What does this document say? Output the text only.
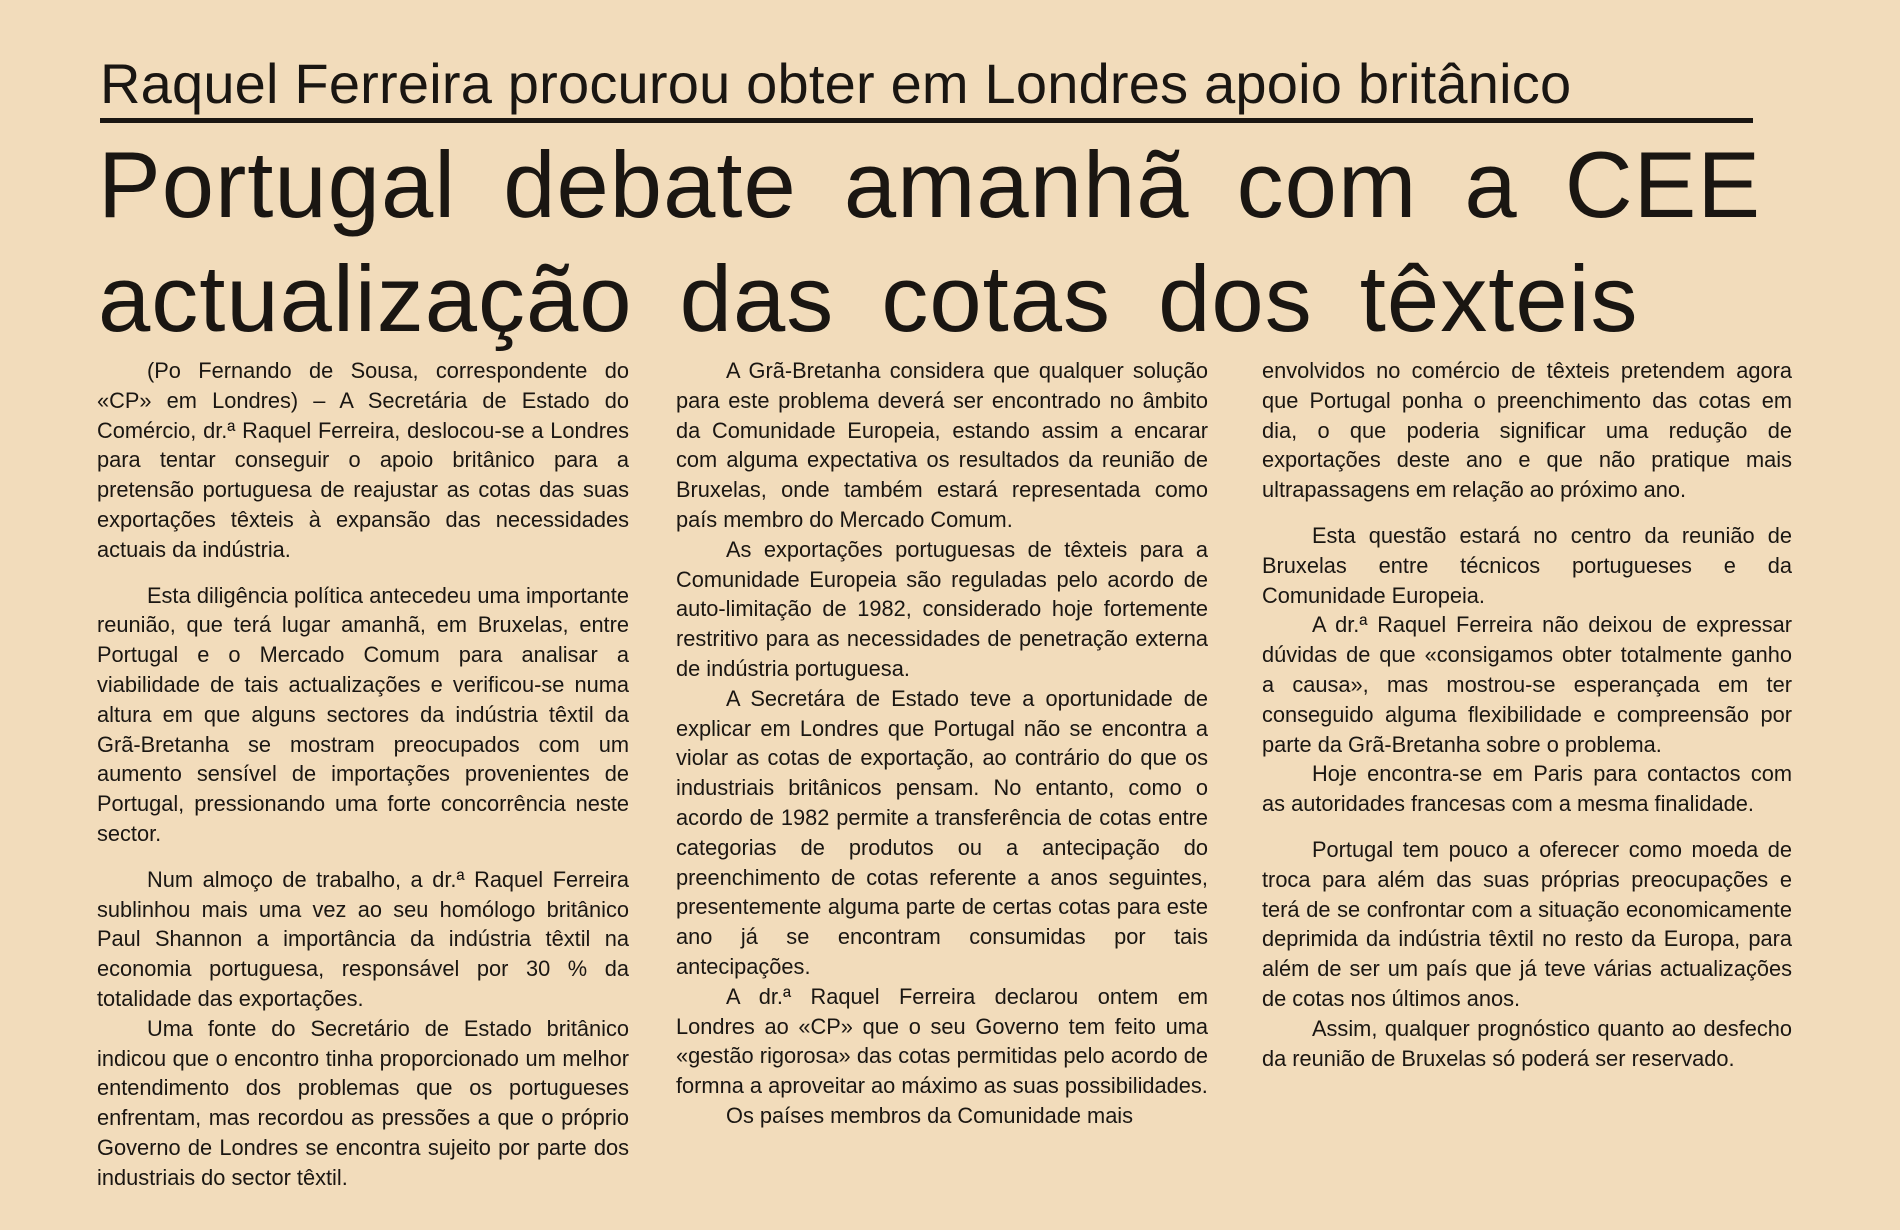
Raquel Ferreira procurou obter em Londres apoio britânico
Portugal debate amanhã com a CEE
actualização das cotas dos têxteis

(Po Fernando de Sousa, correspondente do «CP» em Londres) – A Secretária de Estado do Comércio, dr.ª Raquel Ferreira, deslocou-se a Londres para tentar conseguir o apoio britânico para a pretensão portuguesa de reajustar as cotas das suas exportações têxteis à expansão das necessidades actuais da indústria.

Esta diligência política antecedeu uma importante reunião, que terá lugar amanhã, em Bruxelas, entre Portugal e o Mercado Comum para analisar a viabilidade de tais actualizações e verificou-se numa altura em que alguns sectores da indústria têxtil da Grã-Bretanha se mostram preocupados com um aumento sensível de importações provenientes de Portugal, pressionando uma forte concorrência neste sector.

Num almoço de trabalho, a dr.ª Raquel Ferreira sublinhou mais uma vez ao seu homólogo britânico Paul Shannon a importância da indústria têxtil na economia portuguesa, responsável por 30 % da totalidade das exportações.

Uma fonte do Secretário de Estado britânico indicou que o encontro tinha proporcionado um melhor entendimento dos problemas que os portugueses enfrentam, mas recordou as pressões a que o próprio Governo de Londres se encontra sujeito por parte dos industriais do sector têxtil.

A Grã-Bretanha considera que qualquer solução para este problema deverá ser encontrado no âmbito da Comunidade Europeia, estando assim a encarar com alguma expectativa os resultados da reunião de Bruxelas, onde também estará representada como país membro do Mercado Comum.

As exportações portuguesas de têxteis para a Comunidade Europeia são reguladas pelo acordo de auto-limitação de 1982, considerado hoje fortemente restritivo para as necessidades de penetração externa de indústria portuguesa.

A Secretára de Estado teve a oportunidade de explicar em Londres que Portugal não se encontra a violar as cotas de exportação, ao contrário do que os industriais britânicos pensam. No entanto, como o acordo de 1982 permite a transferência de cotas entre categorias de produtos ou a antecipação do preenchimento de cotas referente a anos seguintes, presentemente alguma parte de certas cotas para este ano já se encontram consumidas por tais antecipações.

A dr.ª Raquel Ferreira declarou ontem em Londres ao «CP» que o seu Governo tem feito uma «gestão rigorosa» das cotas permitidas pelo acordo de formna a aproveitar ao máximo as suas possibilidades.

Os países membros da Comunidade mais

envolvidos no comércio de têxteis pretendem agora que Portugal ponha o preenchimento das cotas em dia, o que poderia significar uma redução de exportações deste ano e que não pratique mais ultrapassagens em relação ao próximo ano.

Esta questão estará no centro da reunião de Bruxelas entre técnicos portugueses e da Comunidade Europeia.

A dr.ª Raquel Ferreira não deixou de expressar dúvidas de que «consigamos obter totalmente ganho a causa», mas mostrou-se esperançada em ter conseguido alguma flexibilidade e compreensão por parte da Grã-Bretanha sobre o problema.

Hoje encontra-se em Paris para contactos com as autoridades francesas com a mesma finalidade.

Portugal tem pouco a oferecer como moeda de troca para além das suas próprias preocupações e terá de se confrontar com a situação economicamente deprimida da indústria têxtil no resto da Europa, para além de ser um país que já teve várias actualizações de cotas nos últimos anos.

Assim, qualquer prognóstico quanto ao desfecho da reunião de Bruxelas só poderá ser reservado.
